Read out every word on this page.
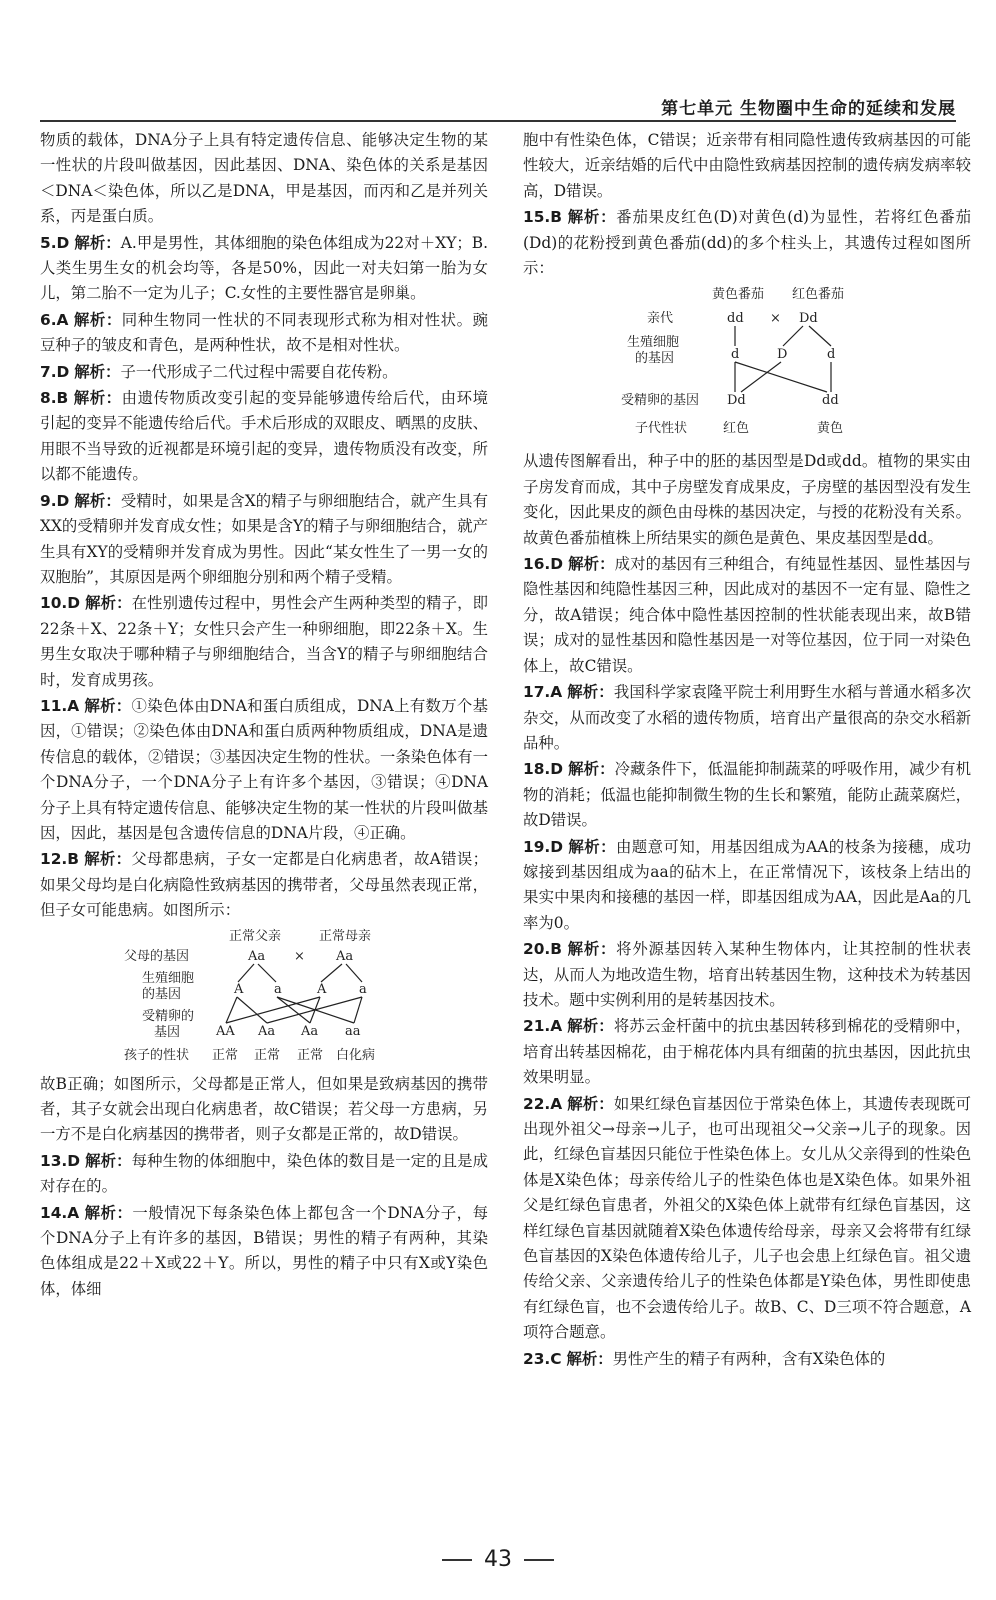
第七单元 生物圈中生命的延续和发展

物质的载体，DNA分子上具有特定遗传信息、能够决定生物的某一性状的片段叫做基因，因此基因、DNA、染色体的关系是基因＜DNA＜染色体，所以乙是DNA，甲是基因，而丙和乙是并列关系，丙是蛋白质。

5.D 解析：A.甲是男性，其体细胞的染色体组成为22对＋XY；B.人类生男生女的机会均等，各是50%，因此一对夫妇第一胎为女儿，第二胎不一定为儿子；C.女性的主要性器官是卵巢。

6.A 解析：同种生物同一性状的不同表现形式称为相对性状。豌豆种子的皱皮和青色，是两种性状，故不是相对性状。

7.D 解析：子一代形成子二代过程中需要自花传粉。

8.B 解析：由遗传物质改变引起的变异能够遗传给后代，由环境引起的变异不能遗传给后代。手术后形成的双眼皮、晒黑的皮肤、用眼不当导致的近视都是环境引起的变异，遗传物质没有改变，所以都不能遗传。

9.D 解析：受精时，如果是含X的精子与卵细胞结合，就产生具有XX的受精卵并发育成女性；如果是含Y的精子与卵细胞结合，就产生具有XY的受精卵并发育成为男性。因此“某女性生了一男一女的双胞胎”，其原因是两个卵细胞分别和两个精子受精。

10.D 解析：在性别遗传过程中，男性会产生两种类型的精子，即22条＋X、22条＋Y；女性只会产生一种卵细胞，即22条＋X。生男生女取决于哪种精子与卵细胞结合，当含Y的精子与卵细胞结合时，发育成男孩。

11.A 解析：①染色体由DNA和蛋白质组成，DNA上有数万个基因，①错误；②染色体由DNA和蛋白质两种物质组成，DNA是遗传信息的载体，②错误；③基因决定生物的性状。一条染色体有一个DNA分子，一个DNA分子上有许多个基因，③错误；④DNA分子上具有特定遗传信息、能够决定生物的某一性状的片段叫做基因，因此，基因是包含遗传信息的DNA片段，④正确。

12.B 解析：父母都患病，子女一定都是白化病患者，故A错误；如果父母均是白化病隐性致病基因的携带者，父母虽然表现正常，但子女可能患病。如图所示：

正常父亲	正常母亲
父母的基因	Aa × Aa
生殖细胞
的基因	A a	A	a
受精卵的
基因	AA Aa Aa aa
孩子的性状 正常 正常 正常 白化病

故B正确；如图所示，父母都是正常人，但如果是致病基因的携带者，其子女就会出现白化病患者，故C错误；若父母一方患病，另一方不是白化病基因的携带者，则子女都是正常的，故D错误。

13.D 解析：每种生物的体细胞中，染色体的数目是一定的且是成对存在的。

14.A 解析：一般情况下每条染色体上都包含一个DNA分子，每个DNA分子上有许多的基因，B错误；男性的精子有两种，其染色体组成是22＋X或22＋Y。所以，男性的精子中只有X或Y染色体，体细

胞中有性染色体，C错误；近亲带有相同隐性遗传致病基因的可能性较大，近亲结婚的后代中由隐性致病基因控制的遗传病发病率较高，D错误。

15.B 解析：番茄果皮红色(D)对黄色(d)为显性，若将红色番茄(Dd)的花粉授到黄色番茄(dd)的多个柱头上，其遗传过程如图所示：

黄色番茄 红色番茄
亲代	dd × Dd
生殖细胞
的基因	d	D	d
受精卵的基因 Dd	dd
子代性状	红色	黄色

从遗传图解看出，种子中的胚的基因型是Dd或dd。植物的果实由子房发育而成，其中子房壁发育成果皮，子房壁的基因型没有发生变化，因此果皮的颜色由母株的基因决定，与授的花粉没有关系。故黄色番茄植株上所结果实的颜色是黄色、果皮基因型是dd。

16.D 解析：成对的基因有三种组合，有纯显性基因、显性基因与隐性基因和纯隐性基因三种，因此成对的基因不一定有显、隐性之分，故A错误；纯合体中隐性基因控制的性状能表现出来，故B错误；成对的显性基因和隐性基因是一对等位基因，位于同一对染色体上，故C错误。

17.A 解析：我国科学家袁隆平院士利用野生水稻与普通水稻多次杂交，从而改变了水稻的遗传物质，培育出产量很高的杂交水稻新品种。

18.D 解析：冷藏条件下，低温能抑制蔬菜的呼吸作用，减少有机物的消耗；低温也能抑制微生物的生长和繁殖，能防止蔬菜腐烂，故D错误。

19.D 解析：由题意可知，用基因组成为AA的枝条为接穗，成功嫁接到基因组成为aa的砧木上，在正常情况下，该枝条上结出的果实中果肉和接穗的基因一样，即基因组成为AA，因此是Aa的几率为0。

20.B 解析：将外源基因转入某种生物体内，让其控制的性状表达，从而人为地改造生物，培育出转基因生物，这种技术为转基因技术。题中实例利用的是转基因技术。

21.A 解析：将苏云金杆菌中的抗虫基因转移到棉花的受精卵中，培育出转基因棉花，由于棉花体内具有细菌的抗虫基因，因此抗虫效果明显。

22.A 解析：如果红绿色盲基因位于常染色体上，其遗传表现既可出现外祖父→母亲→儿子，也可出现祖父→父亲→儿子的现象。因此，红绿色盲基因只能位于性染色体上。女儿从父亲得到的性染色体是X染色体；母亲传给儿子的性染色体也是X染色体。如果外祖父是红绿色盲患者，外祖父的X染色体上就带有红绿色盲基因，这样红绿色盲基因就随着X染色体遗传给母亲，母亲又会将带有红绿色盲基因的X染色体遗传给儿子，儿子也会患上红绿色盲。祖父遗传给父亲、父亲遗传给儿子的性染色体都是Y染色体，男性即使患有红绿色盲，也不会遗传给儿子。故B、C、D三项不符合题意，A项符合题意。

23.C 解析：男性产生的精子有两种，含有X染色体的

43
